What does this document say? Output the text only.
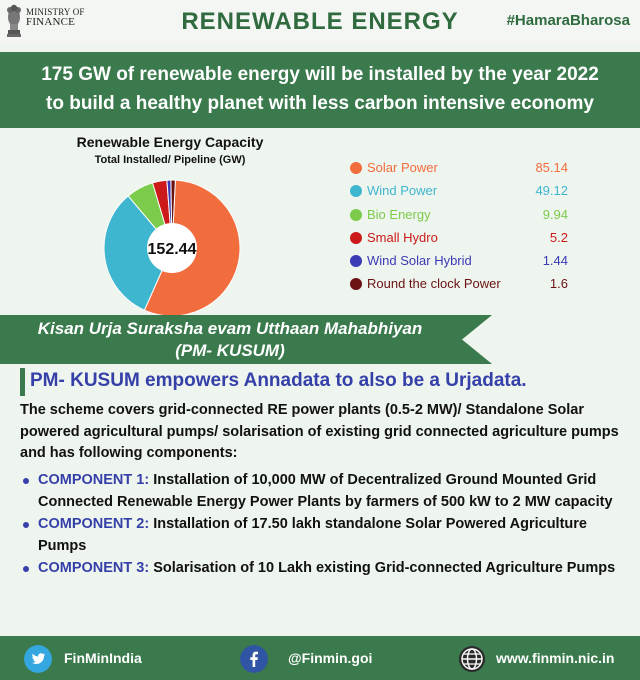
MINISTRY OF
FINANCE	RENEWABLE ENERGY	#HamaraBharosa
175 GW of renewable energy will be installed by the year 2022
to build a healthy planet with less carbon intensive economy
Renewable Energy Capacity
Total Installed/ Pipeline (GW)
152.44
Solar Power	85.14
Wind Power	49.12
Bio Energy	9.94
Small Hydro	5.2
Wind Solar Hybrid	1.44
Round the clock Power	1.6
Kisan Urja Suraksha evam Utthaan Mahabhiyan
(PM- KUSUM)
PM- KUSUM empowers Annadata to also be a Urjadata.
The scheme covers grid-connected RE power plants (0.5-2 MW)/ Standalone Solar powered agricultural pumps/ solarisation of existing grid connected agriculture pumps and has following components:
COMPONENT 1: Installation of 10,000 MW of Decentralized Ground Mounted Grid Connected Renewable Energy Power Plants by farmers of 500 kW to 2 MW capacity
COMPONENT 2: Installation of 17.50 lakh standalone Solar Powered Agriculture Pumps
COMPONENT 3: Solarisation of 10 Lakh existing Grid-connected Agriculture Pumps
FinMinIndia	@Finmin.goi	www.finmin.nic.in
